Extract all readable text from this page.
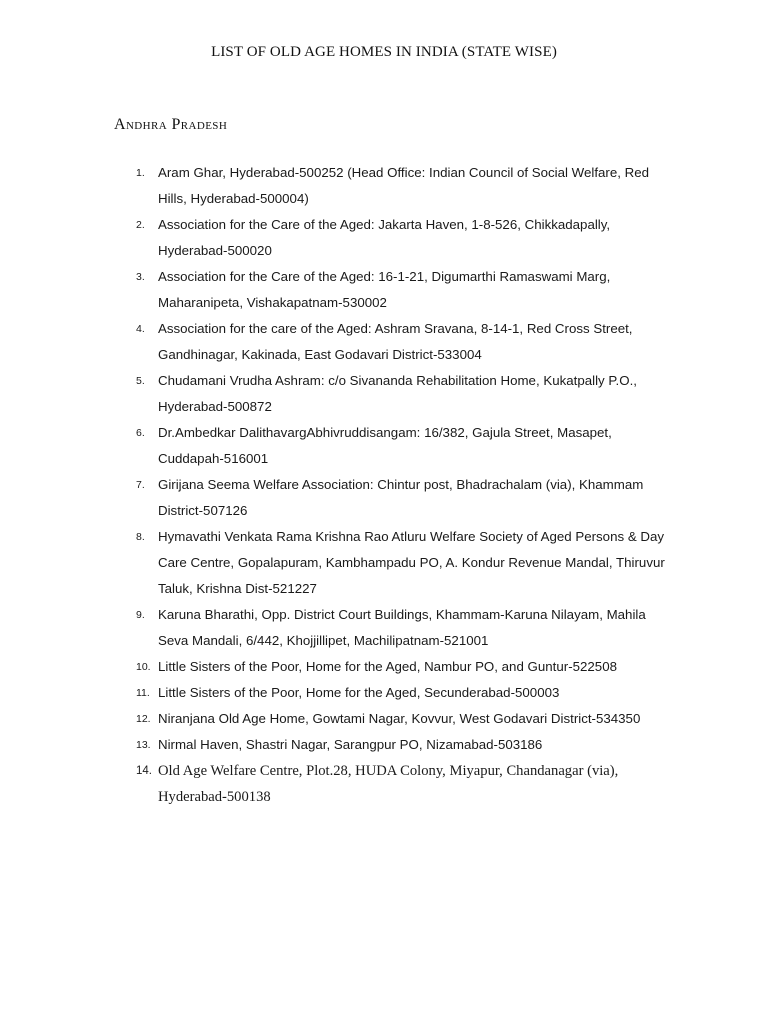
LIST OF OLD AGE HOMES IN INDIA (STATE WISE)
Andhra Pradesh
1. Aram Ghar, Hyderabad-500252 (Head Office: Indian Council of Social Welfare, Red Hills, Hyderabad-500004)
2. Association for the Care of the Aged: Jakarta Haven, 1-8-526, Chikkadapally, Hyderabad-500020
3. Association for the Care of the Aged: 16-1-21, Digumarthi Ramaswami Marg, Maharanipeta, Vishakapatnam-530002
4. Association for the care of the Aged: Ashram Sravana, 8-14-1, Red Cross Street, Gandhinagar, Kakinada, East Godavari District-533004
5. Chudamani Vrudha Ashram: c/o Sivananda Rehabilitation Home, Kukatpally P.O., Hyderabad-500872
6. Dr.Ambedkar DalithavargAbhivruddisangam: 16/382, Gajula Street, Masapet, Cuddapah-516001
7. Girijana Seema Welfare Association: Chintur post, Bhadrachalam (via), Khammam District-507126
8. Hymavathi Venkata Rama Krishna Rao Atluru Welfare Society of Aged Persons & Day Care Centre, Gopalapuram, Kambhampadu PO, A. Kondur Revenue Mandal, Thiruvur Taluk, Krishna Dist-521227
9. Karuna Bharathi, Opp. District Court Buildings, Khammam-Karuna Nilayam, Mahila Seva Mandali, 6/442, Khojjillipet, Machilipatnam-521001
10. Little Sisters of the Poor, Home for the Aged, Nambur PO, and Guntur-522508
11. Little Sisters of the Poor, Home for the Aged, Secunderabad-500003
12. Niranjana Old Age Home, Gowtami Nagar, Kovvur, West Godavari District-534350
13. Nirmal Haven, Shastri Nagar, Sarangpur PO, Nizamabad-503186
14. Old Age Welfare Centre, Plot.28, HUDA Colony, Miyapur, Chandanagar (via), Hyderabad-500138
